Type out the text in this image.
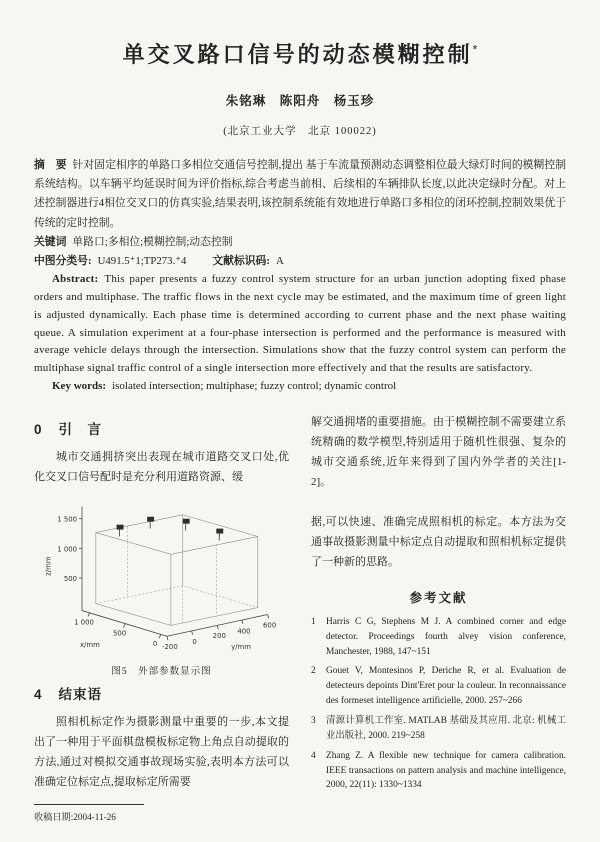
单交叉路口信号的动态模糊控制*
朱铭琳　陈阳舟　杨玉珍
(北京工业大学　北京 100022)

摘　要 针对固定相序的单路口多相位交通信号控制,提出 基于车流量预测动态调整相位最大绿灯时间的模糊控制系统结构。以车辆平均延误时间为评价指标,综合考虑当前相、后续相的车辆排队长度,以此决定绿时分配。对上述控制器进行4相位交叉口的仿真实验,结果表明,该控制系统能有效地进行单路口多相位的闭环控制,控制效果优于传统的定时控制。

关键词 单路口;多相位;模糊控制;动态控制

中图分类号: U491.5⁺1;TP273.⁺4 文献标识码: A

Abstract: This paper presents a fuzzy control system structure for an urban junction adopting fixed phase orders and multiphase. The traffic flows in the next cycle may be estimated, and the maximum time of green light is adjusted dynamically. Each phase time is determined according to current phase and the next phase waiting queue. A simulation experiment at a four-phase intersection is performed and the performance is measured with average vehicle delays through the intersection. Simulations show that the fuzzy control system can perform the multiphase signal traffic control of a single intersection more effectively and that the results are satisfactory.

Key words: isolated intersection; multiphase; fuzzy control; dynamic control

0 引　言

城市交通拥挤突出表现在城市道路交叉口处,优化交叉口信号配时是充分利用道路资源、缓

1 500
1 000
500
z/mm
1 000
500
0
x/mm	-200
0
200
400
600
y/mm
图5　外部参数显示图
4 结束语

照相机标定作为摄影测量中重要的一步,本文提出了一种用于平面棋盘模板标定物上角点自动提取的方法,通过对模拟交通事故现场实验,表明本方法可以准确定位标定点,提取标定所需要

收稿日期:2004-11-26

解交通拥堵的重要措施。由于模糊控制不需要建立系统精确的数学模型,特别适用于随机性很强、复杂的城市交通系统,近年来得到了国内外学者的关注[1-2]。

据,可以快速、准确完成照相机的标定。本方法为交通事故摄影测量中标定点自动提取和照相机标定提供了一种新的思路。

参考文献
1	Harris C G, Stephens M J. A combined corner and edge detector. Proceedings fourth alvey vision conference, Manchester, 1988, 147~151
2	Gouet V, Montesinos P, Deriche R, et al. Evaluation de detecteurs depoints Dint'Eret pour la couleur. In reconnaissance des formeset intelligence artificielle, 2000. 257~266
3	清源计算机工作室. MATLAB 基础及其应用. 北京: 机械工业出版社, 2000. 219~258
4	Zhang Z. A flexible new technique for camera calibration. IEEE transactions on pattern analysis and machine intelligence, 2000, 22(11): 1330~1334
